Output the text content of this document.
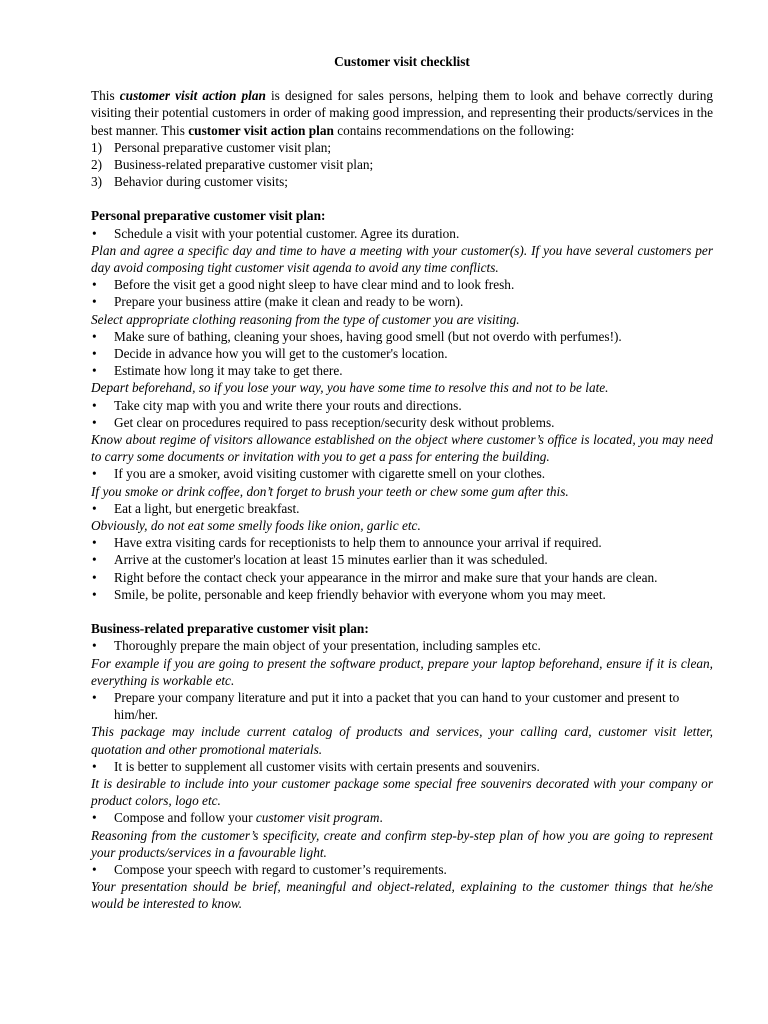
Customer visit checklist

This customer visit action plan is designed for sales persons, helping them to look and behave correctly during visiting their potential customers in order of making good impression, and representing their products/services in the best manner. This customer visit action plan contains recommendations on the following:

1) Personal preparative customer visit plan;
2) Business-related preparative customer visit plan;
3) Behavior during customer visits;

Personal preparative customer visit plan:

• Schedule a visit with your potential customer. Agree its duration.

Plan and agree a specific day and time to have a meeting with your customer(s). If you have several customers per day avoid composing tight customer visit agenda to avoid any time conflicts.

• Before the visit get a good night sleep to have clear mind and to look fresh.
• Prepare your business attire (make it clean and ready to be worn).

Select appropriate clothing reasoning from the type of customer you are visiting.

• Make sure of bathing, cleaning your shoes, having good smell (but not overdo with perfumes!).
• Decide in advance how you will get to the customer's location.
• Estimate how long it may take to get there.

Depart beforehand, so if you lose your way, you have some time to resolve this and not to be late.

• Take city map with you and write there your routs and directions.
• Get clear on procedures required to pass reception/security desk without problems.

Know about regime of visitors allowance established on the object where customer’s office is located, you may need to carry some documents or invitation with you to get a pass for entering the building.

• If you are a smoker, avoid visiting customer with cigarette smell on your clothes.

If you smoke or drink coffee, don’t forget to brush your teeth or chew some gum after this.

• Eat a light, but energetic breakfast.

Obviously, do not eat some smelly foods like onion, garlic etc.

• Have extra visiting cards for receptionists to help them to announce your arrival if required.
• Arrive at the customer's location at least 15 minutes earlier than it was scheduled.
• Right before the contact check your appearance in the mirror and make sure that your hands are clean.
• Smile, be polite, personable and keep friendly behavior with everyone whom you may meet.

Business-related preparative customer visit plan:

• Thoroughly prepare the main object of your presentation, including samples etc.

For example if you are going to present the software product, prepare your laptop beforehand, ensure if it is clean, everything is workable etc.

• Prepare your company literature and put it into a packet that you can hand to your customer and present to him/her.

This package may include current catalog of products and services, your calling card, customer visit letter, quotation and other promotional materials.

• It is better to supplement all customer visits with certain presents and souvenirs.

It is desirable to include into your customer package some special free souvenirs decorated with your company or product colors, logo etc.

• Compose and follow your customer visit program.

Reasoning from the customer’s specificity, create and confirm step-by-step plan of how you are going to represent your products/services in a favourable light.

• Compose your speech with regard to customer’s requirements.

Your presentation should be brief, meaningful and object-related, explaining to the customer things that he/she would be interested to know.
